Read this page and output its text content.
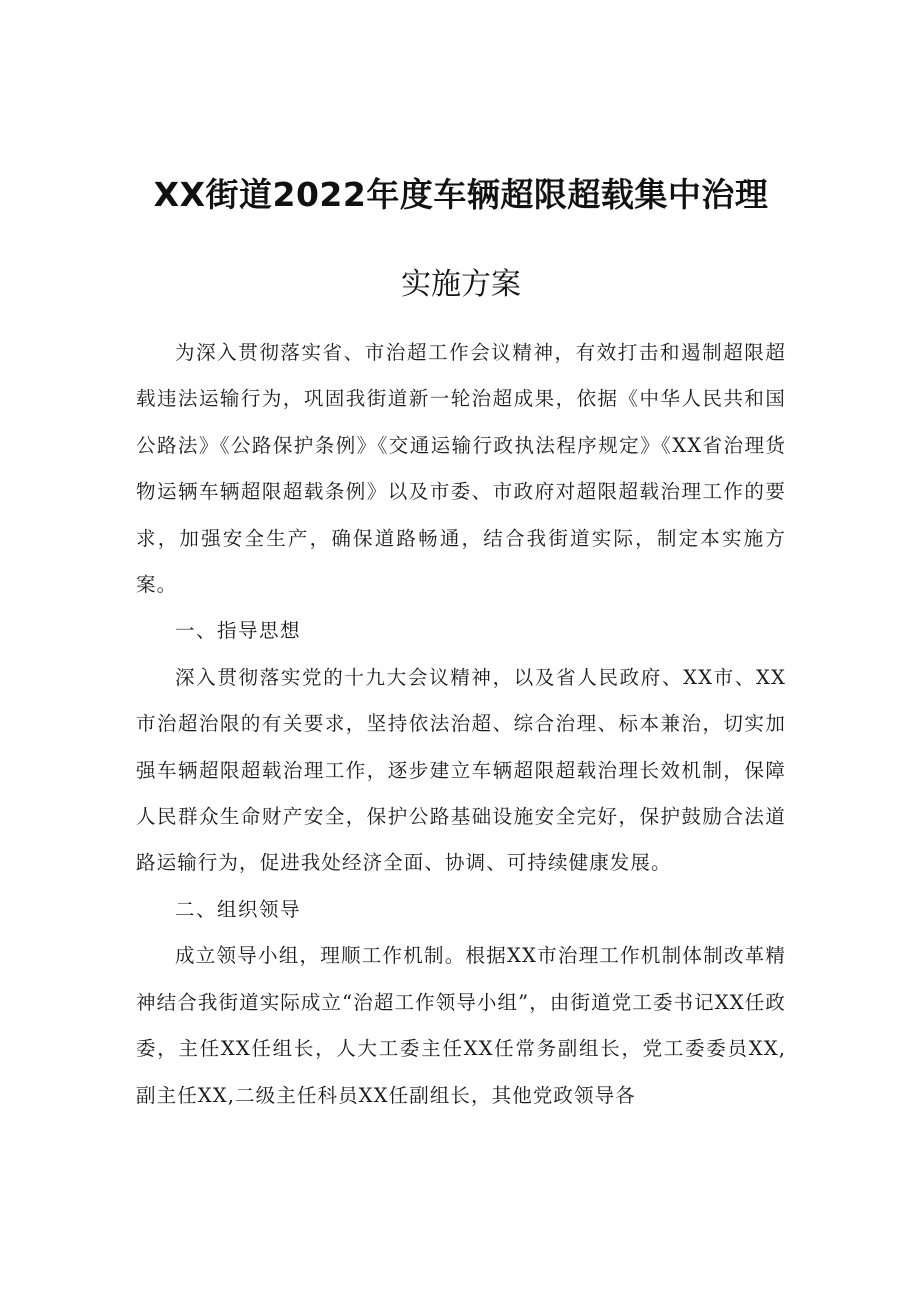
XX街道2022年度车辆超限超载集中治理
实施方案

为深入贯彻落实省、市治超工作会议精神，有效打击和遏制超限超载违法运输行为，巩固我街道新一轮治超成果，依据《中华人民共和国公路法》《公路保护条例》《交通运输行政执法程序规定》《XX省治理货物运辆车辆超限超载条例》以及市委、市政府对超限超载治理工作的要求，加强安全生产，确保道路畅通，结合我街道实际，制定本实施方案。

一、指导思想

深入贯彻落实党的十九大会议精神，以及省人民政府、XX市、XX市治超治限的有关要求，坚持依法治超、综合治理、标本兼治，切实加强车辆超限超载治理工作，逐步建立车辆超限超载治理长效机制，保障人民群众生命财产安全，保护公路基础设施安全完好，保护鼓励合法道路运输行为，促进我处经济全面、协调、可持续健康发展。

二、组织领导

成立领导小组，理顺工作机制。根据XX市治理工作机制体制改革精神结合我街道实际成立“治超工作领导小组”，由街道党工委书记XX任政委，主任XX任组长，人大工委主任XX任常务副组长，党工委委员XX,副主任XX,二级主任科员XX任副组长，其他党政领导各
